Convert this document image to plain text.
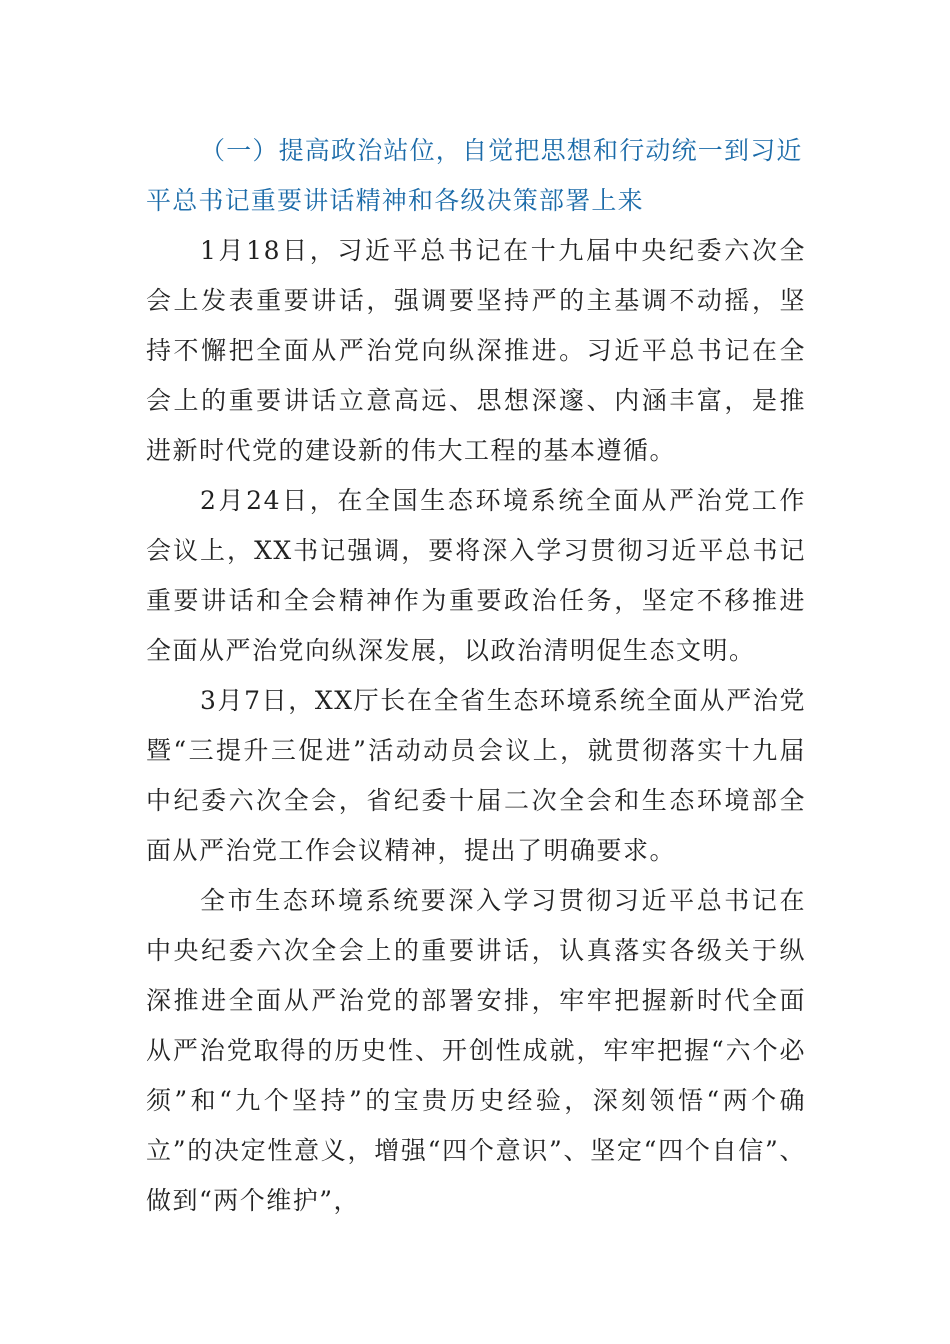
（一）提高政治站位，自觉把思想和行动统一到习近平总书记重要讲话精神和各级决策部署上来

1月18日，习近平总书记在十九届中央纪委六次全会上发表重要讲话，强调要坚持严的主基调不动摇，坚持不懈把全面从严治党向纵深推进。习近平总书记在全会上的重要讲话立意高远、思想深邃、内涵丰富，是推进新时代党的建设新的伟大工程的基本遵循。

2月24日，在全国生态环境系统全面从严治党工作会议上，XX书记强调，要将深入学习贯彻习近平总书记重要讲话和全会精神作为重要政治任务，坚定不移推进全面从严治党向纵深发展，以政治清明促生态文明。

3月7日，XX厅长在全省生态环境系统全面从严治党暨“三提升三促进”活动动员会议上，就贯彻落实十九届中纪委六次全会，省纪委十届二次全会和生态环境部全面从严治党工作会议精神，提出了明确要求。

全市生态环境系统要深入学习贯彻习近平总书记在中央纪委六次全会上的重要讲话，认真落实各级关于纵深推进全面从严治党的部署安排，牢牢把握新时代全面从严治党取得的历史性、开创性成就，牢牢把握“六个必须”和“九个坚持”的宝贵历史经验，深刻领悟“两个确立”的决定性意义，增强“四个意识”、坚定“四个自信”、做到“两个维护”，
